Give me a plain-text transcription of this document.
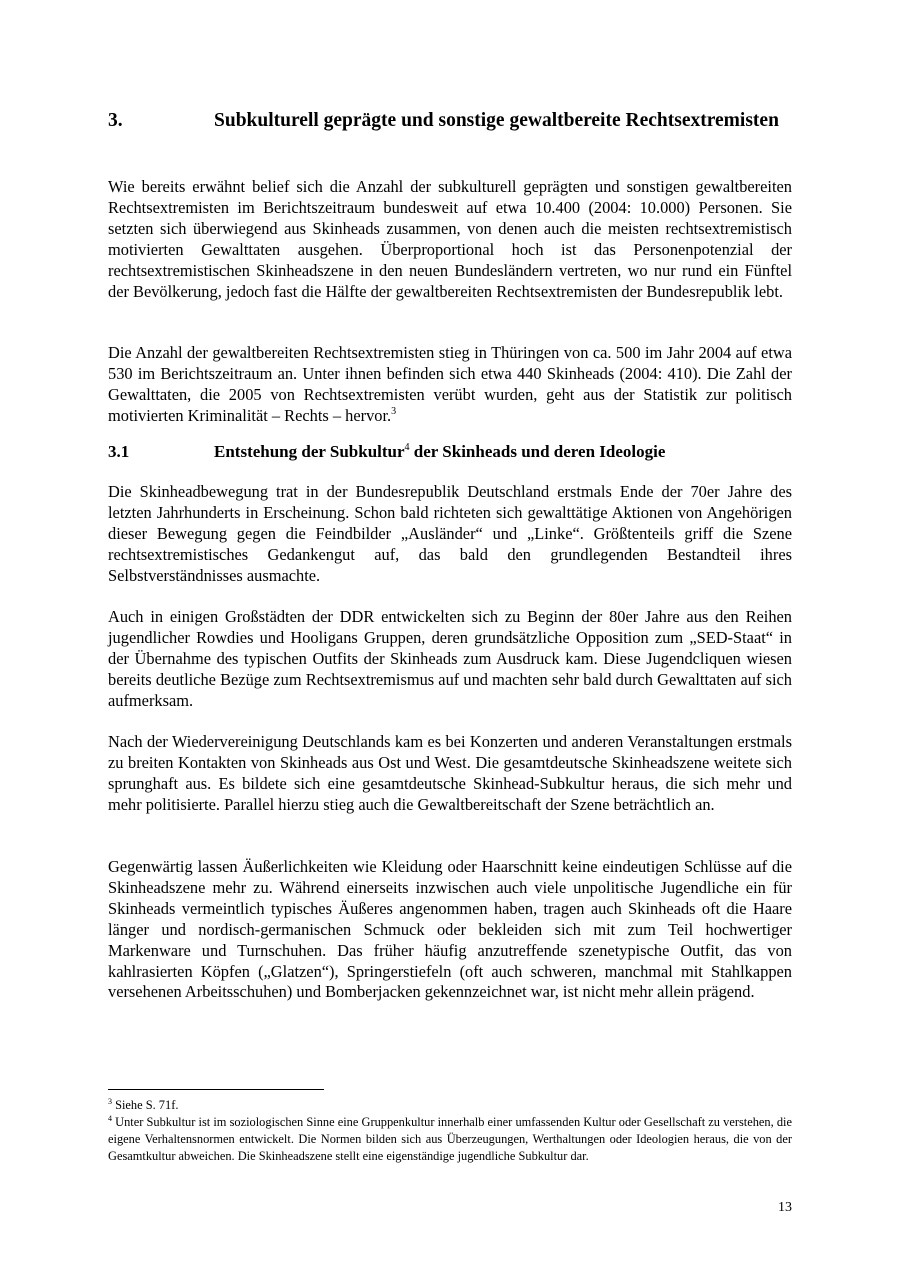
3.	Subkulturell geprägte und sonstige gewaltbereite Rechtsextremisten
Wie bereits erwähnt belief sich die Anzahl der subkulturell geprägten und sonstigen gewaltbereiten Rechtsextremisten im Berichtszeitraum bundesweit auf etwa 10.400 (2004: 10.000) Personen. Sie setzten sich überwiegend aus Skinheads zusammen, von denen auch die meisten rechtsextremistisch motivierten Gewalttaten ausgehen. Überproportional hoch ist das Personenpotenzial der rechtsextremistischen Skinheadszene in den neuen Bundesländern vertreten, wo nur rund ein Fünftel der Bevölkerung, jedoch fast die Hälfte der gewaltbereiten Rechtsextremisten der Bundesrepublik lebt.
Die Anzahl der gewaltbereiten Rechtsextremisten stieg in Thüringen von ca. 500 im Jahr 2004 auf etwa 530 im Berichtszeitraum an. Unter ihnen befinden sich etwa 440 Skinheads (2004: 410). Die Zahl der Gewalttaten, die 2005 von Rechtsextremisten verübt wurden, geht aus der Statistik zur politisch motivierten Kriminalität – Rechts – hervor.$^3$
3.1	Entstehung der Subkultur$^4$ der Skinheads und deren Ideologie
Die Skinheadbewegung trat in der Bundesrepublik Deutschland erstmals Ende der 70er Jahre des letzten Jahrhunderts in Erscheinung. Schon bald richteten sich gewalttätige Aktionen von Angehörigen dieser Bewegung gegen die Feindbilder „Ausländer“ und „Linke“. Größtenteils griff die Szene rechtsextremistisches Gedankengut auf, das bald den grundlegenden Bestandteil ihres Selbstverständnisses ausmachte.
Auch in einigen Großstädten der DDR entwickelten sich zu Beginn der 80er Jahre aus den Reihen jugendlicher Rowdies und Hooligans Gruppen, deren grundsätzliche Opposition zum „SED-Staat“ in der Übernahme des typischen Outfits der Skinheads zum Ausdruck kam. Diese Jugendcliquen wiesen bereits deutliche Bezüge zum Rechtsextremismus auf und machten sehr bald durch Gewalttaten auf sich aufmerksam.
Nach der Wiedervereinigung Deutschlands kam es bei Konzerten und anderen Veranstaltungen erstmals zu breiten Kontakten von Skinheads aus Ost und West. Die gesamtdeutsche Skinheadszene weitete sich sprunghaft aus. Es bildete sich eine gesamtdeutsche Skinhead-Subkultur heraus, die sich mehr und mehr politisierte. Parallel hierzu stieg auch die Gewaltbereitschaft der Szene beträchtlich an.
Gegenwärtig lassen Äußerlichkeiten wie Kleidung oder Haarschnitt keine eindeutigen Schlüsse auf die Skinheadszene mehr zu. Während einerseits inzwischen auch viele unpolitische Jugendliche ein für Skinheads vermeintlich typisches Äußeres angenommen haben, tragen auch Skinheads oft die Haare länger und nordisch-germanischen Schmuck oder bekleiden sich mit zum Teil hochwertiger Markenware und Turnschuhen. Das früher häufig anzutreffende szenetypische Outfit, das von kahlrasierten Köpfen („Glatzen“), Springerstiefeln (oft auch schweren, manchmal mit Stahlkappen versehenen Arbeitsschuhen) und Bomberjacken gekennzeichnet war, ist nicht mehr allein prägend.
$^3$ Siehe S. 71f.
$^4$ Unter Subkultur ist im soziologischen Sinne eine Gruppenkultur innerhalb einer umfassenden Kultur oder Gesellschaft zu verstehen, die eigene Verhaltensnormen entwickelt. Die Normen bilden sich aus Überzeugungen, Werthaltungen oder Ideologien heraus, die von der Gesamtkultur abweichen. Die Skinheadszene stellt eine eigenständige jugendliche Subkultur dar.
13
